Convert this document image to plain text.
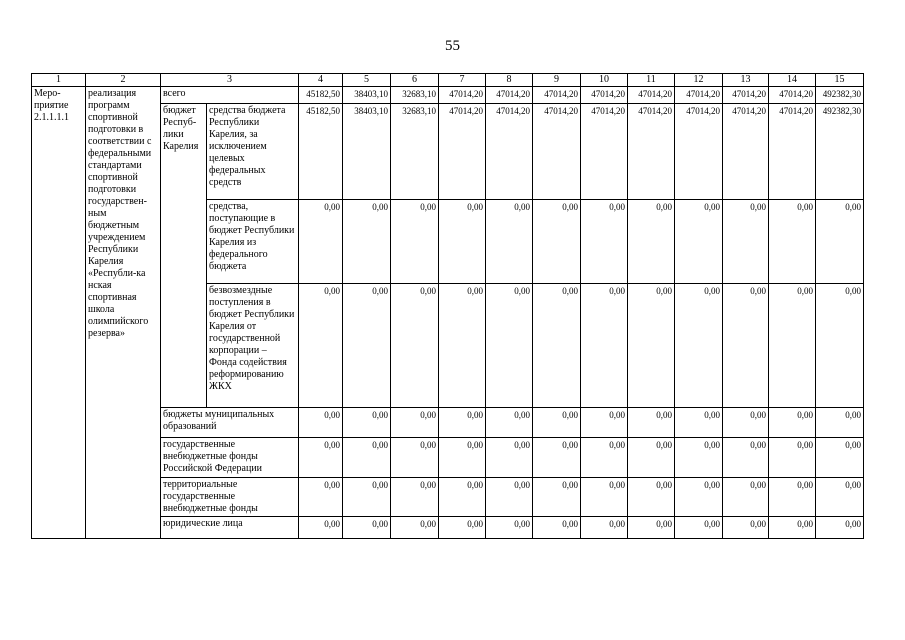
55
1	2	3		4	5	6	7	8	9	10	11	12	13	14	15
Меро-приятие 2.1.1.1.1	реализация программ спортивной подготовки в соответствии с федеральными стандартами спортивной подготовки государствен-ным бюджетным учреждением Республики Карелия «Республи-ка нская спортивная школа олимпийского резерва»	всего		45182,50	38403,10	32683,10	47014,20	47014,20	47014,20	47014,20	47014,20	47014,20	47014,20	47014,20	492382,30
		бюджет Респуб-лики Карелия	средства бюджета Республики Карелия, за исключением целевых федеральных средств	45182,50	38403,10	32683,10	47014,20	47014,20	47014,20	47014,20	47014,20	47014,20	47014,20	47014,20	492382,30
			средства, поступающие в бюджет Республики Карелия из федерального бюджета	0,00	0,00	0,00	0,00	0,00	0,00	0,00	0,00	0,00	0,00	0,00	0,00
			безвозмездные поступления в бюджет Республики Карелия от государственной корпорации – Фонда содействия реформированию ЖКХ	0,00	0,00	0,00	0,00	0,00	0,00	0,00	0,00	0,00	0,00	0,00	0,00
		бюджеты муниципальных образований		0,00	0,00	0,00	0,00	0,00	0,00	0,00	0,00	0,00	0,00	0,00	0,00
		государственные внебюджетные фонды Российской Федерации		0,00	0,00	0,00	0,00	0,00	0,00	0,00	0,00	0,00	0,00	0,00	0,00
		территориальные государственные внебюджетные фонды		0,00	0,00	0,00	0,00	0,00	0,00	0,00	0,00	0,00	0,00	0,00	0,00
		юридические лица		0,00	0,00	0,00	0,00	0,00	0,00	0,00	0,00	0,00	0,00	0,00	0,00
